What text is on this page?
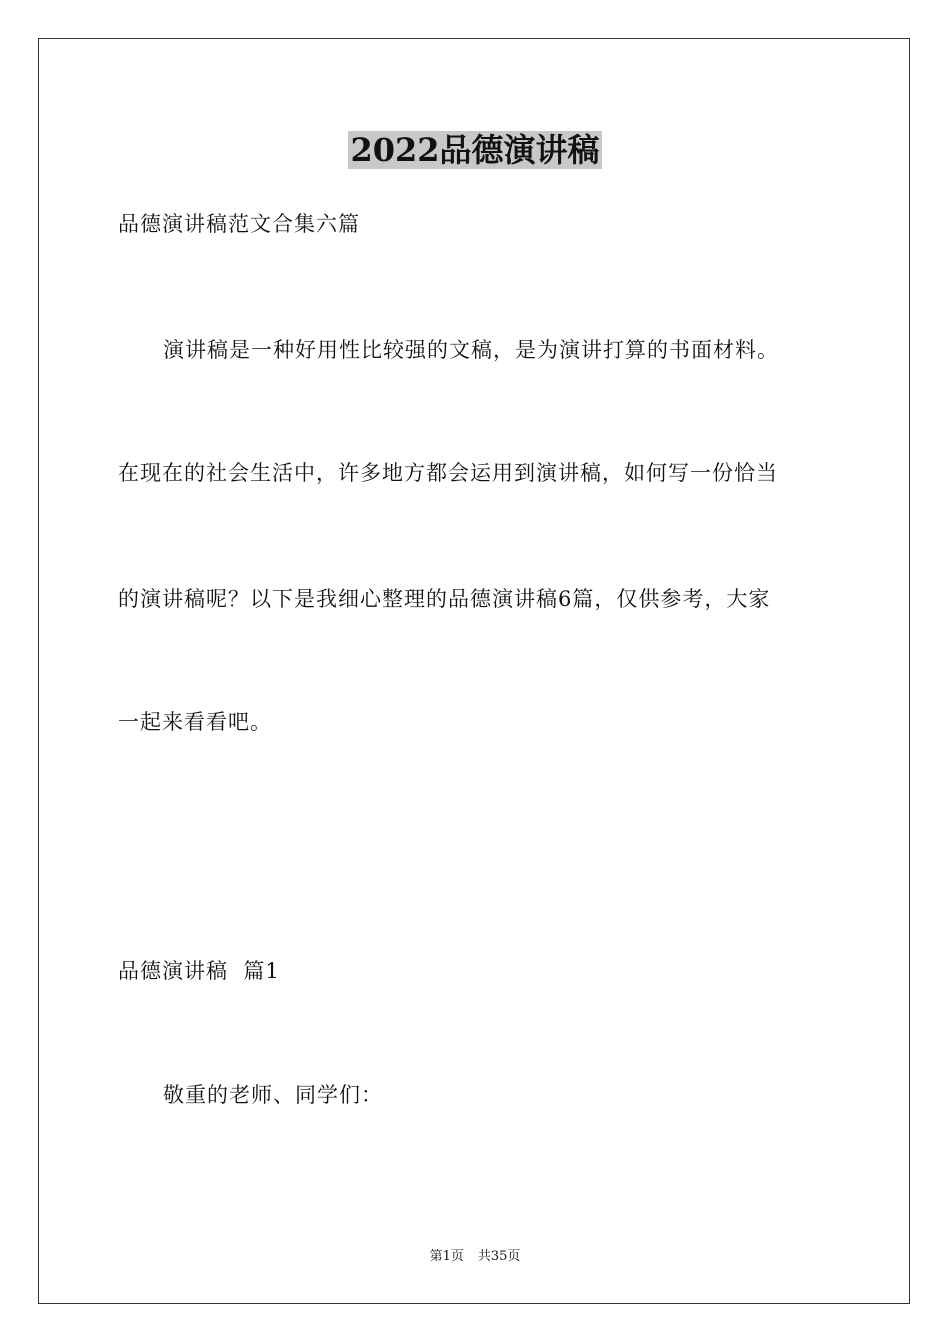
2022品德演讲稿
品德演讲稿范文合集六篇
演讲稿是一种好用性比较强的文稿，是为演讲打算的书面材料。
在现在的社会生活中，许多地方都会运用到演讲稿，如何写一份恰当
的演讲稿呢？以下是我细心整理的品德演讲稿6篇，仅供参考，大家
一起来看看吧。
品德演讲稿  篇1
敬重的老师、同学们：
第1页 共35页
